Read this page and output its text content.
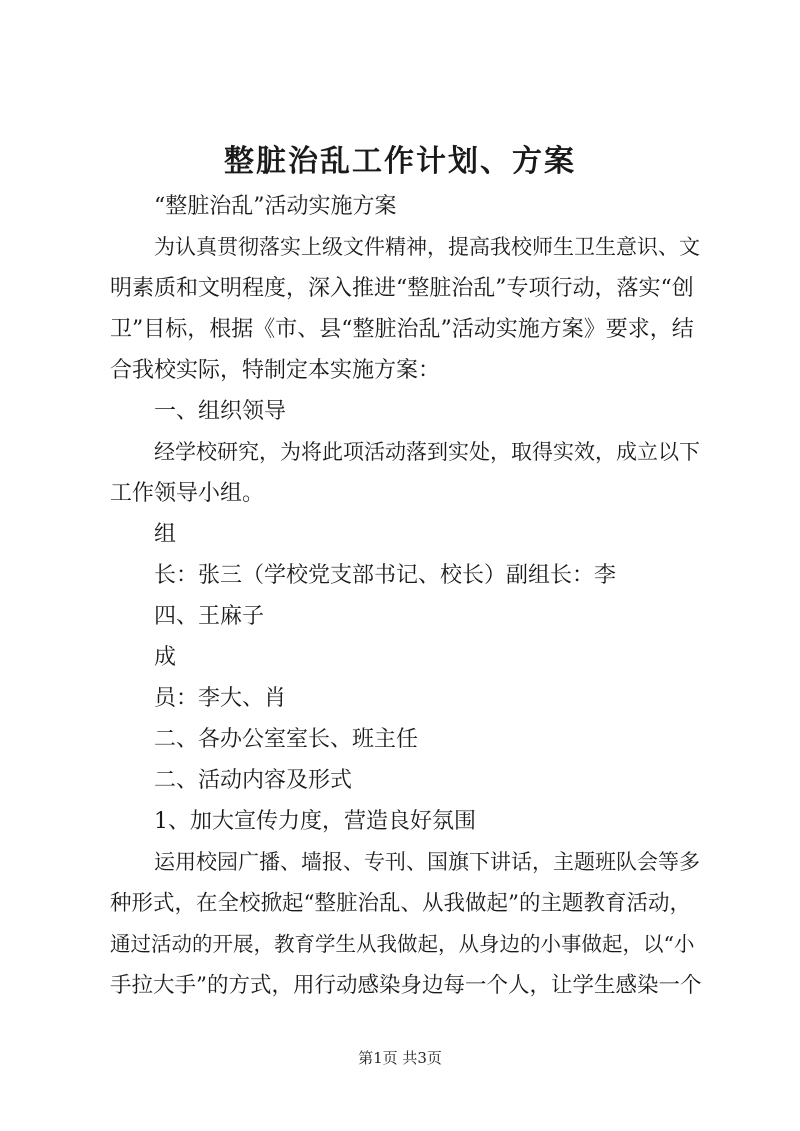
整脏治乱工作计划、方案
“整脏治乱”活动实施方案
为认真贯彻落实上级文件精神，提高我校师生卫生意识、文
明素质和文明程度，深入推进“整脏治乱”专项行动，落实“创
卫”目标，根据《市、县“整脏治乱”活动实施方案》要求，结
合我校实际，特制定本实施方案：
一、组织领导
经学校研究，为将此项活动落到实处，取得实效，成立以下
工作领导小组。
组
长：张三（学校党支部书记、校长）副组长：李
四、王麻子
成
员：李大、肖
二、各办公室室长、班主任
二、活动内容及形式
1、加大宣传力度，营造良好氛围
运用校园广播、墙报、专刊、国旗下讲话，主题班队会等多
种形式，在全校掀起“整脏治乱、从我做起”的主题教育活动，
通过活动的开展，教育学生从我做起，从身边的小事做起，以“小
手拉大手”的方式，用行动感染身边每一个人，让学生感染一个
第1页 共3页
